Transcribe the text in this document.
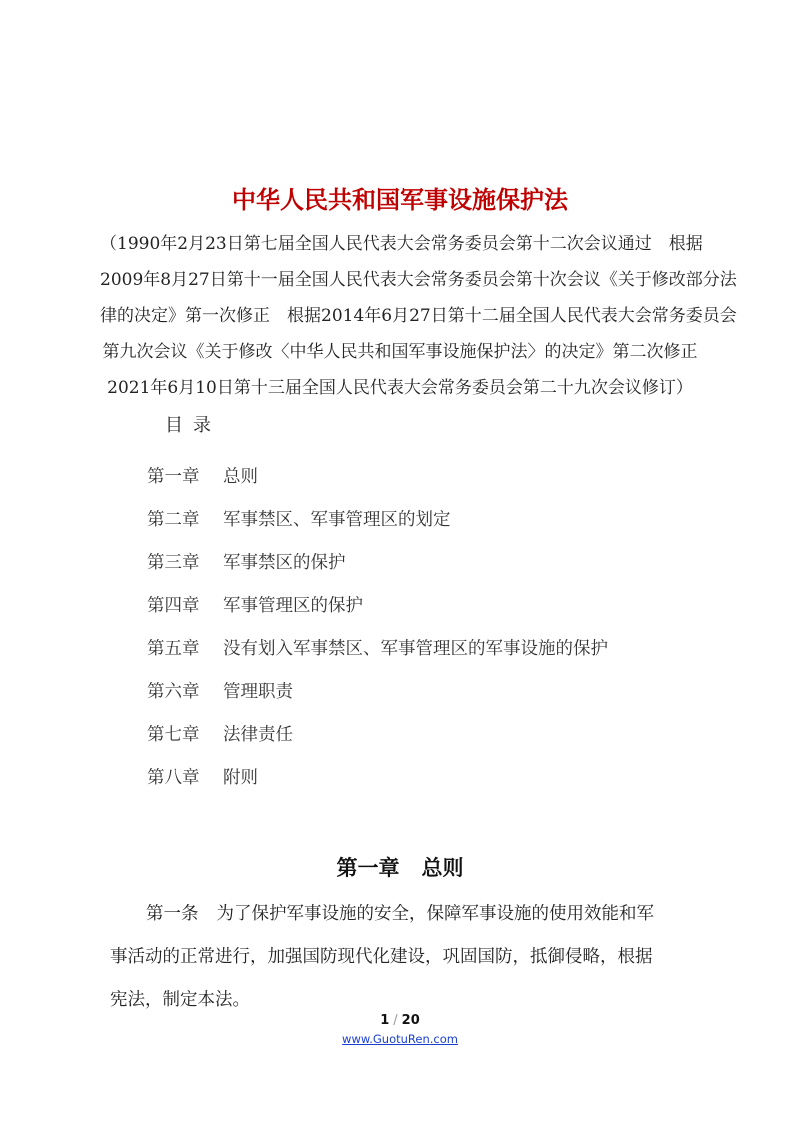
中华人民共和国军事设施保护法
（1990年2月23日第七届全国人民代表大会常务委员会第十二次会议通过　根据
2009年8月27日第十一届全国人民代表大会常务委员会第十次会议《关于修改部分法
律的决定》第一次修正　根据2014年6月27日第十二届全国人民代表大会常务委员会
第九次会议《关于修改〈中华人民共和国军事设施保护法〉的决定》第二次修正
2021年6月10日第十三届全国人民代表大会常务委员会第二十九次会议修订）
目录
第一章 总则
第二章 军事禁区、军事管理区的划定
第三章 军事禁区的保护
第四章 军事管理区的保护
第五章 没有划入军事禁区、军事管理区的军事设施的保护
第六章 管理职责
第七章 法律责任
第八章 附则
第一章 总则
第一条 为了保护军事设施的安全，保障军事设施的使用效能和军
事活动的正常进行，加强国防现代化建设，巩固国防，抵御侵略，根据
宪法，制定本法。
1 / 20
www.GuotuRen.com
